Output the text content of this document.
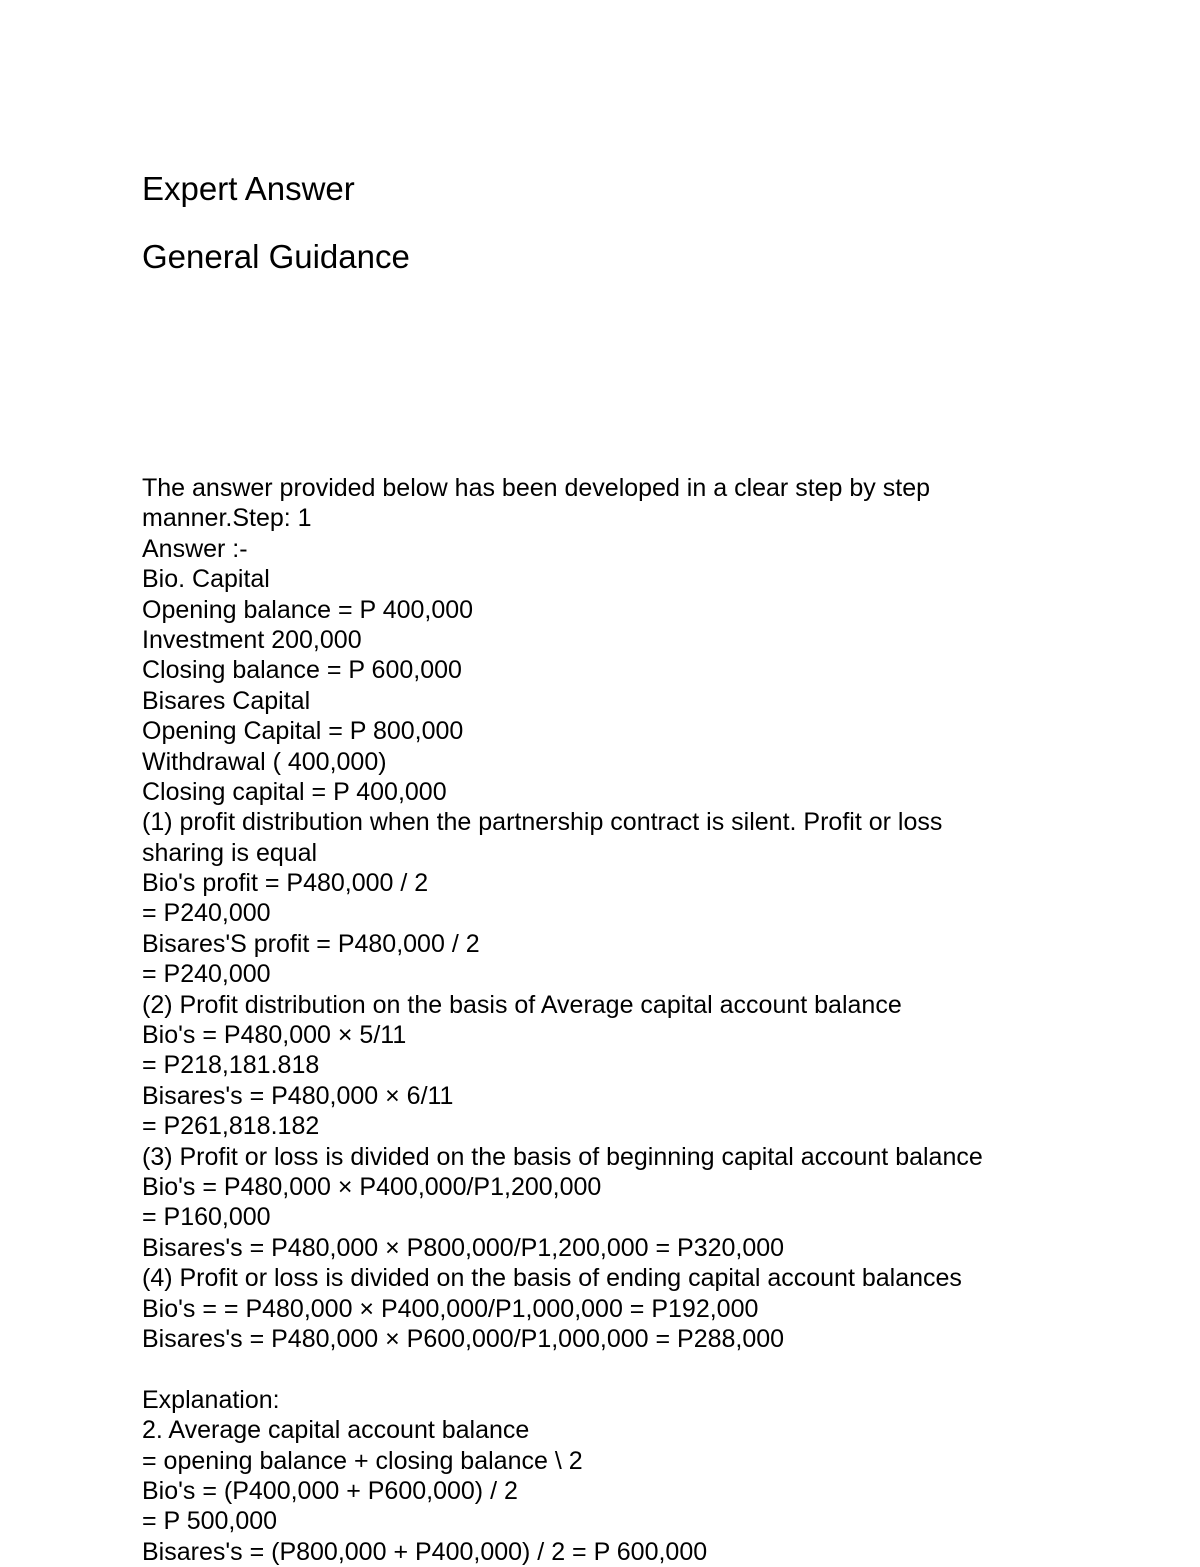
Expert Answer
General Guidance
The answer provided below has been developed in a clear step by step
manner.Step: 1
Answer :-
Bio. Capital
Opening balance = P 400,000
Investment 200,000
Closing balance = P 600,000
Bisares Capital
Opening Capital = P 800,000
Withdrawal ( 400,000)
Closing capital = P 400,000
(1) profit distribution when the partnership contract is silent. Profit or loss
sharing is equal
Bio's profit = P480,000 / 2
= P240,000
Bisares'S profit = P480,000 / 2
= P240,000
(2) Profit distribution on the basis of Average capital account balance
Bio's = P480,000 × 5/11
= P218,181.818
Bisares's = P480,000 × 6/11
= P261,818.182
(3) Profit or loss is divided on the basis of beginning capital account balance
Bio's = P480,000 × P400,000/P1,200,000
= P160,000
Bisares's = P480,000 × P800,000/P1,200,000 = P320,000
(4) Profit or loss is divided on the basis of ending capital account balances
Bio's = = P480,000 × P400,000/P1,000,000 = P192,000
Bisares's = P480,000 × P600,000/P1,000,000 = P288,000
Explanation:
2. Average capital account balance
= opening balance + closing balance \ 2
Bio's = (P400,000 + P600,000) / 2
= P 500,000
Bisares's = (P800,000 + P400,000) / 2 = P 600,000
